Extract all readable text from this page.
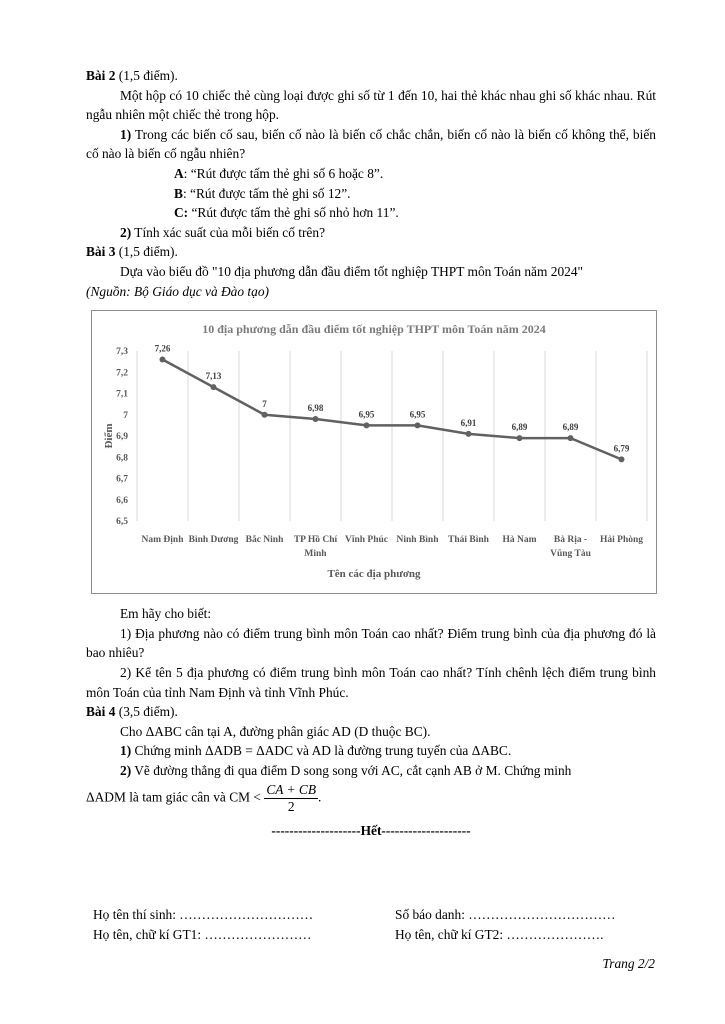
Bài 2 (1,5 điểm).

Một hộp có 10 chiếc thẻ cùng loại được ghi số từ 1 đến 10, hai thẻ khác nhau ghi số khác nhau. Rút ngẫu nhiên một chiếc thẻ trong hộp.

1) Trong các biến cố sau, biến cố nào là biến cố chắc chắn, biến cố nào là biến cố không thể, biến cố nào là biến cố ngẫu nhiên?

A: “Rút được tấm thẻ ghi số 6 hoặc 8”.

B: “Rút được tấm thẻ ghi số 12”.

C: “Rút được tấm thẻ ghi số nhỏ hơn 11”.

2) Tính xác suất của mỗi biến cố trên?

Bài 3 (1,5 điểm).

Dựa vào biểu đồ "10 địa phương dẫn đầu điểm tốt nghiệp THPT môn Toán năm 2024"

(Nguồn: Bộ Giáo dục và Đào tạo)

10 địa phương dẫn đầu điểm tốt nghiệp THPT môn Toán năm 2024
6,5
6,6
6,7
6,8
6,9
7
7,1
7,2
7,3
Điểm
7,26
7,13
7	6,98
6,95	6,95
6,91	6,89	6,89
6,79
Nam Định Bình Dương Bắc Ninh TP Hồ Chí
Minh
Vĩnh Phúc Ninh Bình Thái Bình Hà Nam Bà Rịa -
Vũng Tàu
Hải Phòng
Tên các địa phương

Em hãy cho biết:

1) Địa phương nào có điểm trung bình môn Toán cao nhất? Điểm trung bình của địa phương đó là bao nhiêu?

2) Kể tên 5 địa phương có điểm trung bình môn Toán cao nhất? Tính chênh lệch điểm trung bình môn Toán của tỉnh Nam Định và tỉnh Vĩnh Phúc.

Bài 4 (3,5 điểm).

Cho ΔABC cân tại A, đường phân giác AD (D thuộc BC).

1) Chứng minh ΔADB = ΔADC và AD là đường trung tuyến của ΔABC.

2) Vẽ đường thẳng đi qua điểm D song song với AC, cắt cạnh AB ở M. Chứng minh

ΔADM là tam giác cân và CM < $\frac{CA + CB}{2}$ .

--------------------Hết--------------------

Họ tên thí sinh: …………………………	Số báo danh: ……………………………
Họ tên, chữ kí GT1: ……………………	Họ tên, chữ kí GT2: ………………….
Trang 2/2
